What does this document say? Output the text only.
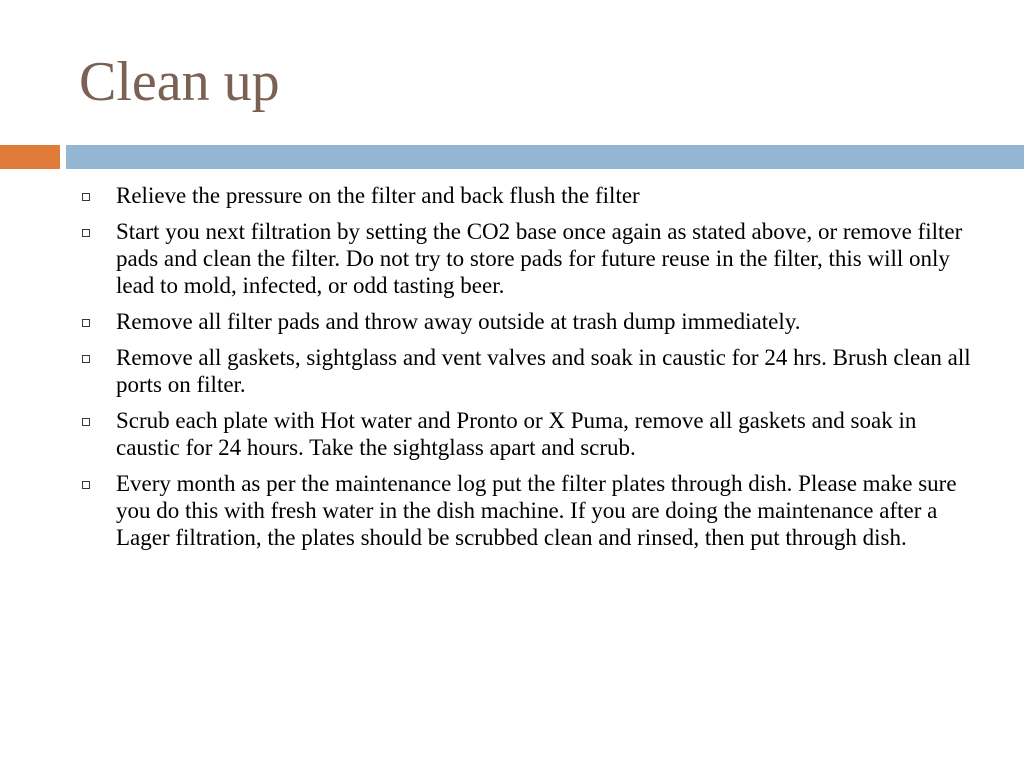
Clean up
Relieve the pressure on the filter and back flush the filter
Start you next filtration by setting the CO2 base once again as stated above, or remove filter pads and clean the filter. Do not try to store pads for future reuse in the filter, this will only lead to mold, infected, or odd tasting beer.
Remove all filter pads and throw away outside at trash dump immediately.
Remove all gaskets, sightglass and vent valves and soak in caustic for 24 hrs. Brush clean all ports on filter.
Scrub each plate with Hot water and Pronto or X Puma, remove all gaskets and soak in caustic for 24 hours. Take the sightglass apart and scrub.
Every month as per the maintenance log put the filter plates through dish. Please make sure you do this with fresh water in the dish machine. If you are doing the maintenance after a Lager filtration, the plates should be scrubbed clean and rinsed, then put through dish.
